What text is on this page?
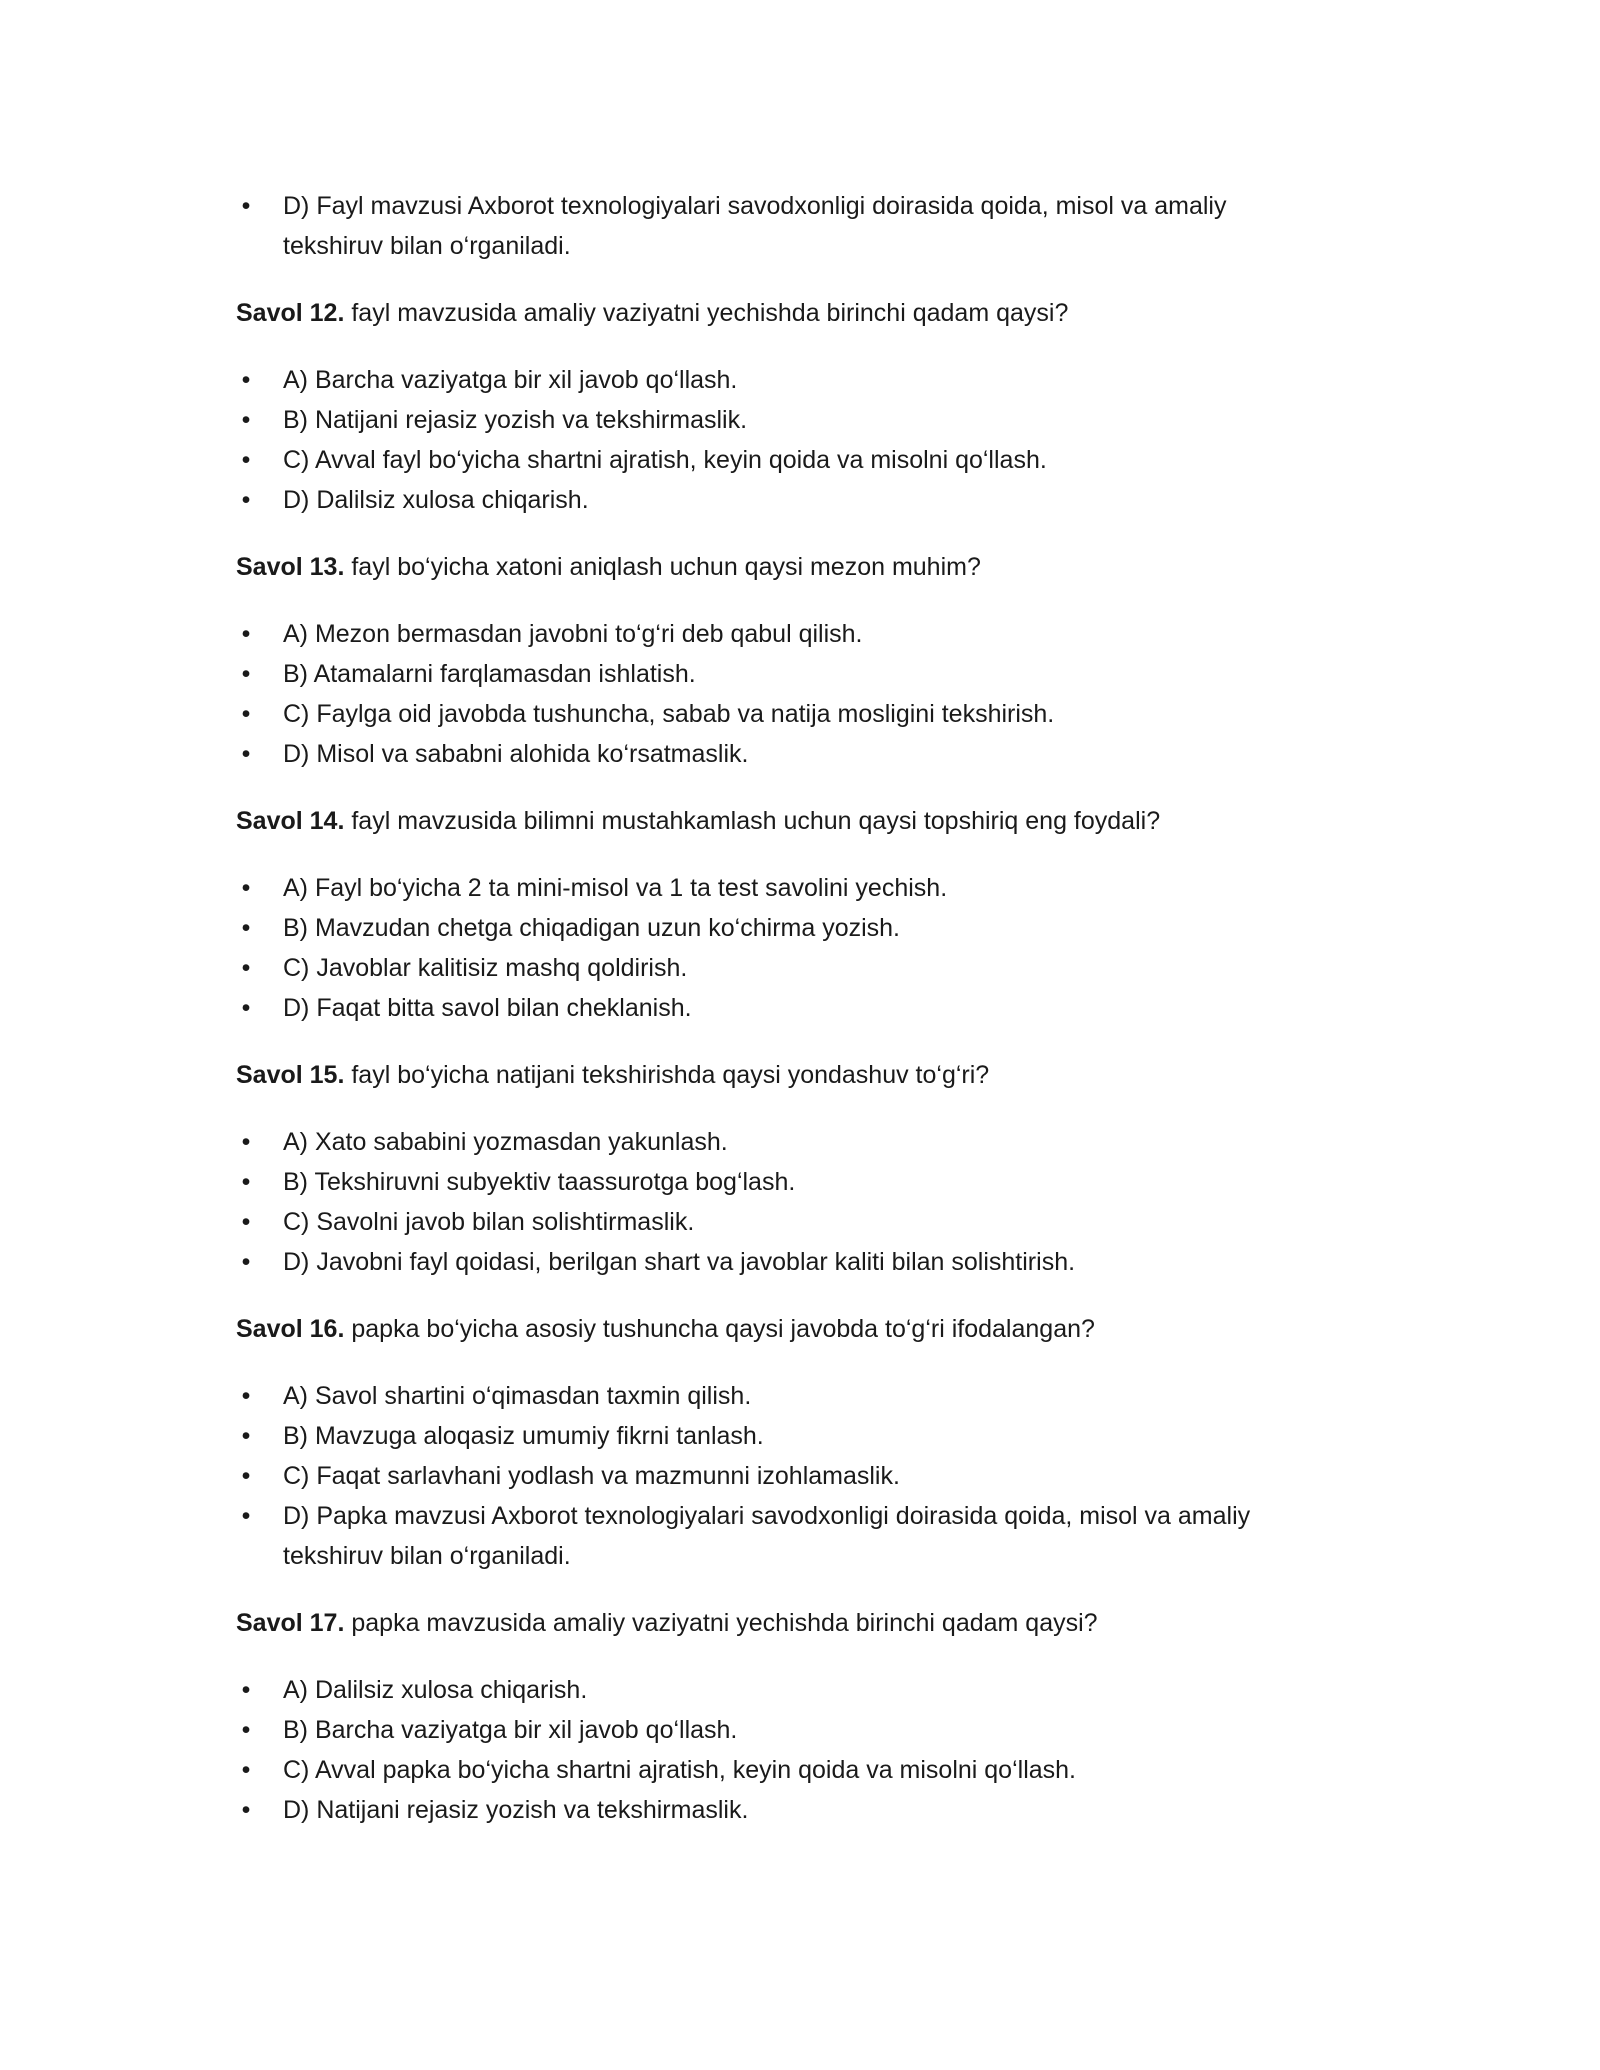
• D) Fayl mavzusi Axborot texnologiyalari savodxonligi doirasida qoida, misol va amaliy tekshiruv bilan o‘rganiladi.

Savol 12. fayl mavzusida amaliy vaziyatni yechishda birinchi qadam qaysi?

• A) Barcha vaziyatga bir xil javob qo‘llash.
• B) Natijani rejasiz yozish va tekshirmaslik.
• C) Avval fayl bo‘yicha shartni ajratish, keyin qoida va misolni qo‘llash.
• D) Dalilsiz xulosa chiqarish.

Savol 13. fayl bo‘yicha xatoni aniqlash uchun qaysi mezon muhim?

• A) Mezon bermasdan javobni to‘g‘ri deb qabul qilish.
• B) Atamalarni farqlamasdan ishlatish.
• C) Faylga oid javobda tushuncha, sabab va natija mosligini tekshirish.
• D) Misol va sababni alohida ko‘rsatmaslik.

Savol 14. fayl mavzusida bilimni mustahkamlash uchun qaysi topshiriq eng foydali?

• A) Fayl bo‘yicha 2 ta mini-misol va 1 ta test savolini yechish.
• B) Mavzudan chetga chiqadigan uzun ko‘chirma yozish.
• C) Javoblar kalitisiz mashq qoldirish.
• D) Faqat bitta savol bilan cheklanish.

Savol 15. fayl bo‘yicha natijani tekshirishda qaysi yondashuv to‘g‘ri?

• A) Xato sababini yozmasdan yakunlash.
• B) Tekshiruvni subyektiv taassurotga bog‘lash.
• C) Savolni javob bilan solishtirmaslik.
• D) Javobni fayl qoidasi, berilgan shart va javoblar kaliti bilan solishtirish.

Savol 16. papka bo‘yicha asosiy tushuncha qaysi javobda to‘g‘ri ifodalangan?

• A) Savol shartini o‘qimasdan taxmin qilish.
• B) Mavzuga aloqasiz umumiy fikrni tanlash.
• C) Faqat sarlavhani yodlash va mazmunni izohlamaslik.
• D) Papka mavzusi Axborot texnologiyalari savodxonligi doirasida qoida, misol va amaliy tekshiruv bilan o‘rganiladi.

Savol 17. papka mavzusida amaliy vaziyatni yechishda birinchi qadam qaysi?

• A) Dalilsiz xulosa chiqarish.
• B) Barcha vaziyatga bir xil javob qo‘llash.
• C) Avval papka bo‘yicha shartni ajratish, keyin qoida va misolni qo‘llash.
• D) Natijani rejasiz yozish va tekshirmaslik.
